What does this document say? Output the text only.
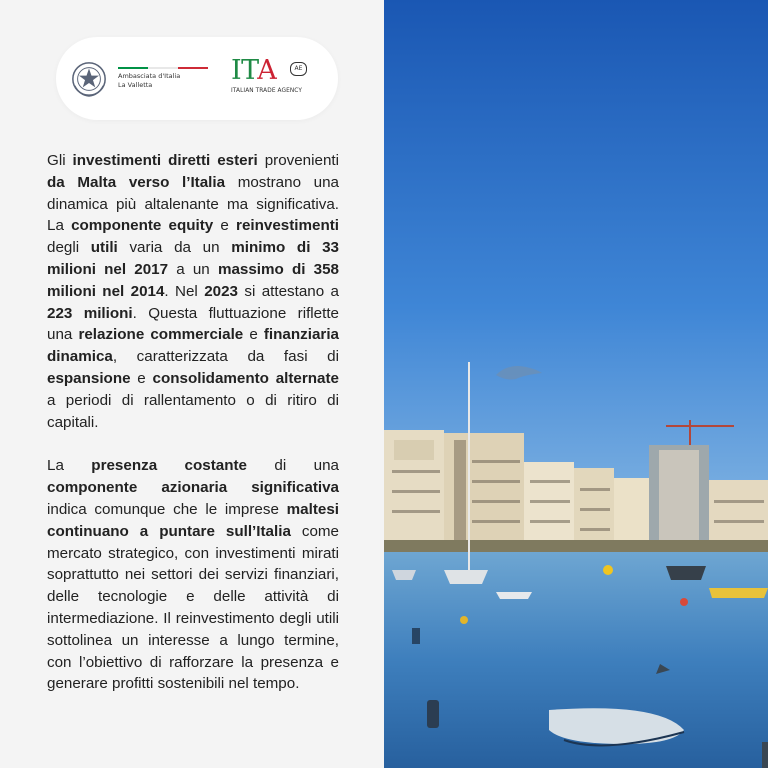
Ambasciata d'Italia
La Valletta	ITA	AE
ITALIAN TRADE AGENCY

Gli investimenti diretti esteri provenienti da Malta verso l’Italia mostrano una dinamica più altalenante ma significativa. La componente equity e reinvestimenti degli utili varia da un minimo di 33 milioni nel 2017 a un massimo di 358 milioni nel 2014. Nel 2023 si attestano a 223 milioni. Questa fluttuazione riflette una relazione commerciale e finanziaria dinamica, caratterizzata da fasi di espansione e consolidamento alternate a periodi di rallentamento o di ritiro di capitali.

La presenza costante di una componente azionaria significativa indica comunque che le imprese maltesi continuano a puntare sull’Italia come mercato strategico, con investimenti mirati soprattutto nei settori dei servizi finanziari, delle tecnologie e delle attività di intermediazione. Il reinvestimento degli utili sottolinea un interesse a lungo termine, con l’obiettivo di rafforzare la presenza e generare profitti sostenibili nel tempo.
